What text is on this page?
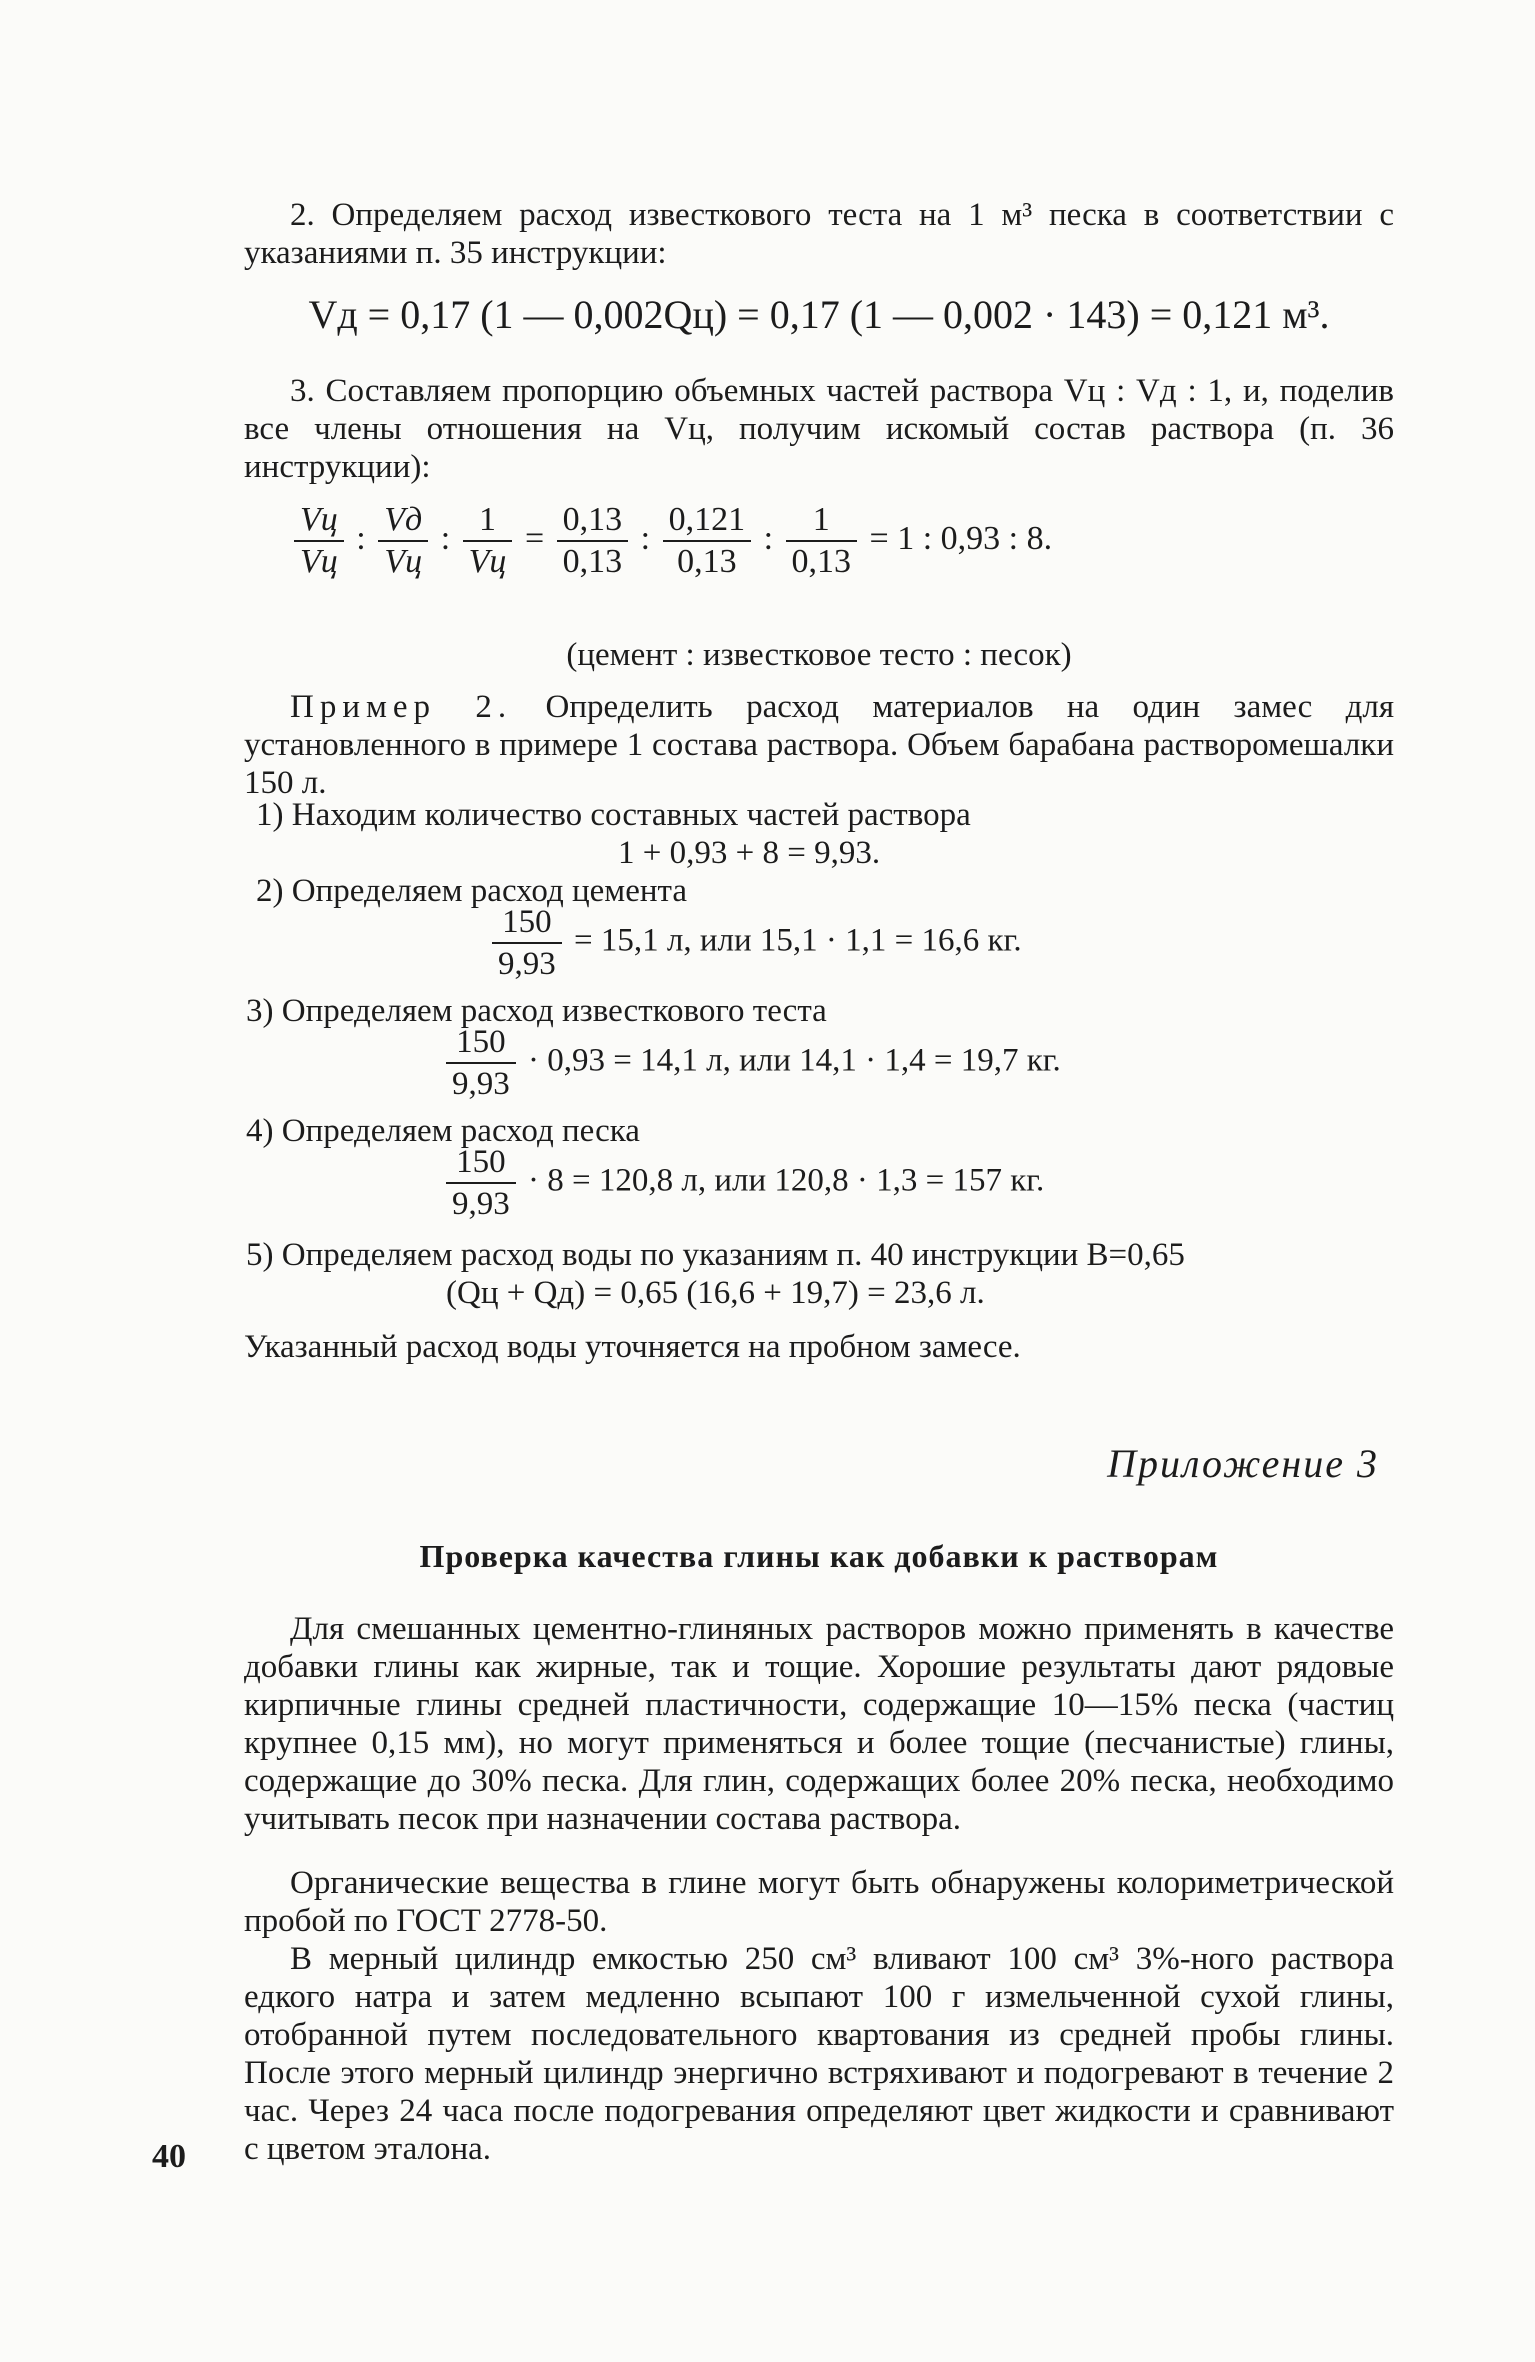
2. Определяем расход известкового теста на 1 м³ песка в соответствии с указаниями п. 35 инструкции:

Vд = 0,17 (1 — 0,002Qц) = 0,17 (1 — 0,002 · 143) = 0,121 м³.

3. Составляем пропорцию объемных частей раствора Vц : Vд : 1, и, поделив все члены отношения на Vц, получим искомый состав раствора (п. 36 инструкции):

$\frac{Vц}{Vц}$ : $\frac{Vд}{Vц}$ : $\frac{1}{Vц} = \frac{0,13}{0,13}$ : $\frac{0,121}{0,13}$ : $\frac{1}{0,13} = 1$ : 0,93 : 8.
(цемент : известковое тесто : песок)

Пример 2. Определить расход материалов на один замес для установленного в примере 1 состава раствора. Объем барабана растворомешалки 150 л.

1) Находим количество составных частей раствора
1 + 0,93 + 8 = 9,93.
2) Определяем расход цемента
$\frac{150}{9,93} = 15,1$ л, или 15,1 · 1,1 = 16,6 кг.
3) Определяем расход известкового теста
$\frac{150}{9,93} \cdot 0,93 = 14,1$ л, или 14,1 · 1,4 = 19,7 кг.
4) Определяем расход песка
$\frac{150}{9,93} \cdot 8 = 120,8$ л, или 120,8 · 1,3 = 157 кг.
5) Определяем расход воды по указаниям п. 40 инструкции В=0,65
(Qц + Qд) = 0,65 (16,6 + 19,7) = 23,6 л.
Указанный расход воды уточняется на пробном замесе.
Приложение 3
Проверка качества глины как добавки к растворам

Для смешанных цементно-глиняных растворов можно применять в качестве добавки глины как жирные, так и тощие. Хорошие результаты дают рядовые кирпичные глины средней пластичности, содержащие 10—15% песка (частиц крупнее 0,15 мм), но могут применяться и более тощие (песчанистые) глины, содержащие до 30% песка. Для глин, содержащих более 20% песка, необходимо учитывать песок при назначении состава раствора.

Органические вещества в глине могут быть обнаружены колориметрической пробой по ГОСТ 2778-50.

В мерный цилиндр емкостью 250 см³ вливают 100 см³ 3%-ного раствора едкого натра и затем медленно всыпают 100 г измельченной сухой глины, отобранной путем последовательного квартования из средней пробы глины. После этого мерный цилиндр энергично встряхивают и подогревают в течение 2 час. Через 24 часа после подогревания определяют цвет жидкости и сравнивают с цветом эталона.

40
